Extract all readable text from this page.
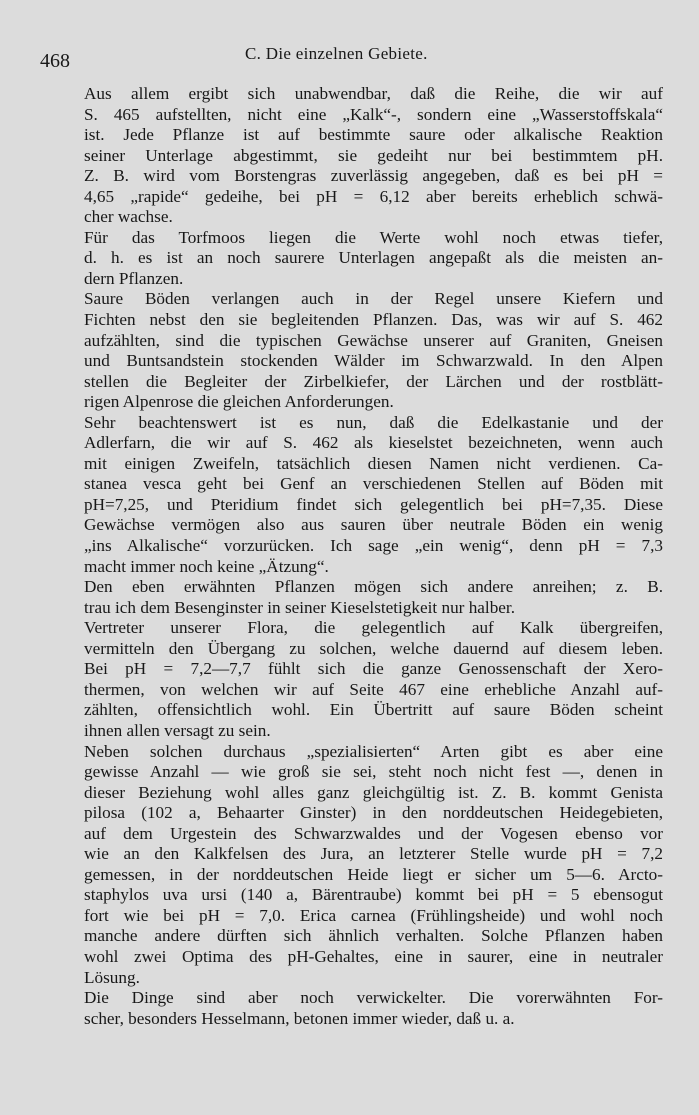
468	C. Die einzelnen Gebiete.

Aus allem ergibt sich unabwendbar, daß die Reihe, die wir auf
S. 465 aufstellten, nicht eine „Kalk“-, sondern eine „Wasserstoffskala“
ist. Jede Pflanze ist auf bestimmte saure oder alkalische Reaktion
seiner Unterlage abgestimmt, sie gedeiht nur bei bestimmtem pH.
Z. B. wird vom Borstengras zuverlässig angegeben, daß es bei pH =
4,65 „rapide“ gedeihe, bei pH = 6,12 aber bereits erheblich schwä-
cher wachse.

Für das Torfmoos liegen die Werte wohl noch etwas tiefer,
d. h. es ist an noch saurere Unterlagen angepaßt als die meisten an-
dern Pflanzen.

Saure Böden verlangen auch in der Regel unsere Kiefern und
Fichten nebst den sie begleitenden Pflanzen. Das, was wir auf S. 462
aufzählten, sind die typischen Gewächse unserer auf Graniten, Gneisen
und Buntsandstein stockenden Wälder im Schwarzwald. In den Alpen
stellen die Begleiter der Zirbelkiefer, der Lärchen und der rostblätt-
rigen Alpenrose die gleichen Anforderungen.

Sehr beachtenswert ist es nun, daß die Edelkastanie und der
Adlerfarn, die wir auf S. 462 als kieselstet bezeichneten, wenn auch
mit einigen Zweifeln, tatsächlich diesen Namen nicht verdienen. Ca-
stanea vesca geht bei Genf an verschiedenen Stellen auf Böden mit
pH=7,25, und Pteridium findet sich gelegentlich bei pH=7,35. Diese
Gewächse vermögen also aus sauren über neutrale Böden ein wenig
„ins Alkalische“ vorzurücken. Ich sage „ein wenig“, denn pH = 7,3
macht immer noch keine „Ätzung“.

Den eben erwähnten Pflanzen mögen sich andere anreihen; z. B.
trau ich dem Besenginster in seiner Kieselstetigkeit nur halber.

Vertreter unserer Flora, die gelegentlich auf Kalk übergreifen,
vermitteln den Übergang zu solchen, welche dauernd auf diesem leben.
Bei pH = 7,2—7,7 fühlt sich die ganze Genossenschaft der Xero-
thermen, von welchen wir auf Seite 467 eine erhebliche Anzahl auf-
zählten, offensichtlich wohl. Ein Übertritt auf saure Böden scheint
ihnen allen versagt zu sein.

Neben solchen durchaus „spezialisierten“ Arten gibt es aber eine
gewisse Anzahl — wie groß sie sei, steht noch nicht fest —, denen in
dieser Beziehung wohl alles ganz gleichgültig ist. Z. B. kommt Genista
pilosa (102 a, Behaarter Ginster) in den norddeutschen Heidegebieten,
auf dem Urgestein des Schwarzwaldes und der Vogesen ebenso vor
wie an den Kalkfelsen des Jura, an letzterer Stelle wurde pH = 7,2
gemessen, in der norddeutschen Heide liegt er sicher um 5—6. Arcto-
staphylos uva ursi (140 a, Bärentraube) kommt bei pH = 5 ebensogut
fort wie bei pH = 7,0. Erica carnea (Frühlingsheide) und wohl noch
manche andere dürften sich ähnlich verhalten. Solche Pflanzen haben
wohl zwei Optima des pH-Gehaltes, eine in saurer, eine in neutraler
Lösung.

Die Dinge sind aber noch verwickelter. Die vorerwähnten For-
scher, besonders Hesselmann, betonen immer wieder, daß u. a.
